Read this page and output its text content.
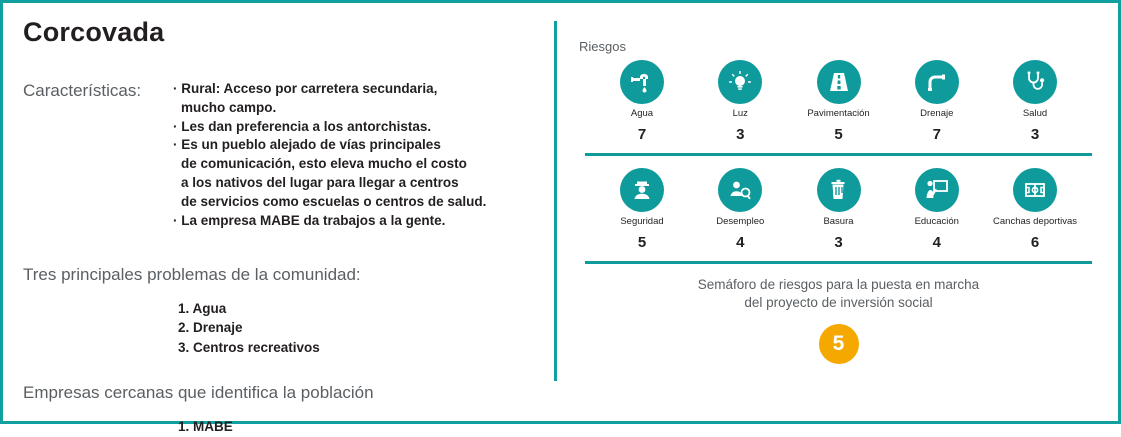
Corcovada
Características:	· Rural: Acceso por carretera secundaria,
mucho campo.
· Les dan preferencia a los antorchistas.
· Es un pueblo alejado de vías principales
de comunicación, esto eleva mucho el costo
a los nativos del lugar para llegar a centros
de servicios como escuelas o centros de salud.
· La empresa MABE da trabajos a la gente.
Tres principales problemas de la comunidad:
1. Agua
2. Drenaje
3. Centros recreativos
Empresas cercanas que identifica la población
1. MABE
Riesgos
Agua
7
Luz
3
Pavimentación
5
Drenaje
7
Salud
3
Seguridad
5
Desempleo
4
Basura
3
Educación
4
Canchas deportivas
6
Semáforo de riesgos para la puesta en marcha
del proyecto de inversión social
5
